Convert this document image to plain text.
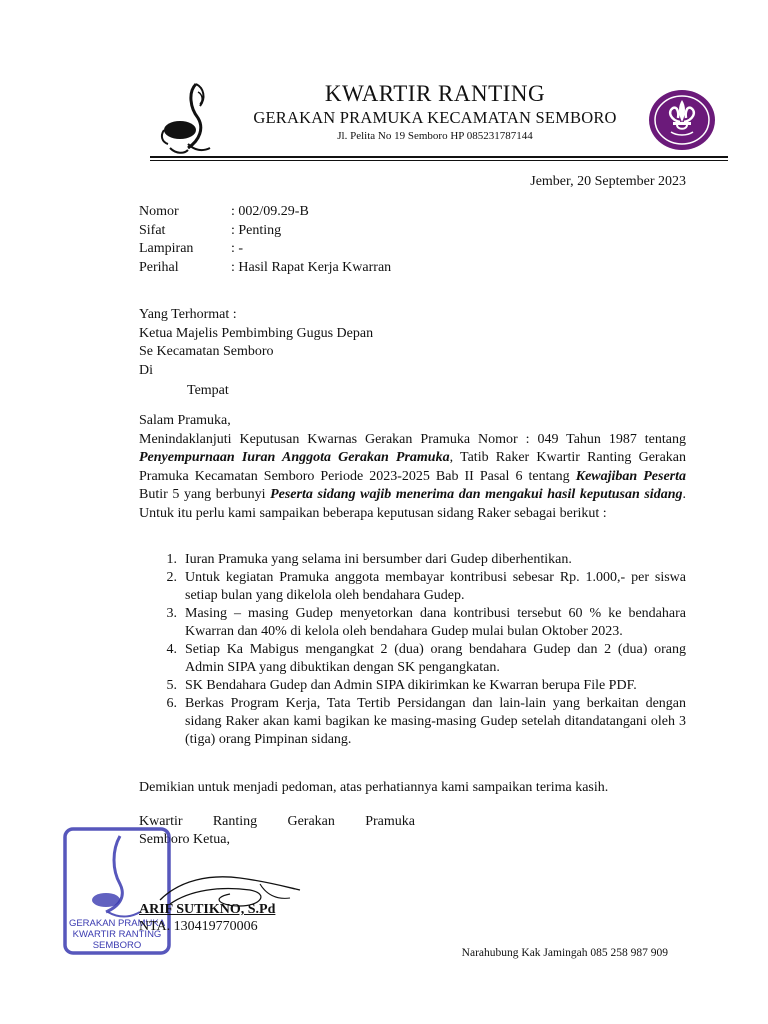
KWARTIR RANTING
GERAKAN PRAMUKA KECAMATAN SEMBORO
Jl. Pelita No 19 Semboro HP 085231787144
Jember, 20 September 2023
Nomor	: 002/09.29-B
Sifat	: Penting
Lampiran	: -
Perihal	: Hasil Rapat Kerja Kwarran
Yang Terhormat :
Ketua Majelis Pembimbing Gugus Depan
Se Kecamatan Semboro
Di
Tempat

Salam Pramuka,

Menindaklanjuti Keputusan Kwarnas Gerakan Pramuka Nomor : 049 Tahun 1987 tentang Penyempurnaan Iuran Anggota Gerakan Pramuka, Tatib Raker Kwartir Ranting Gerakan Pramuka Kecamatan Semboro Periode 2023-2025 Bab II Pasal 6 tentang Kewajiban Peserta Butir 5 yang berbunyi Peserta sidang wajib menerima dan mengakui hasil keputusan sidang. Untuk itu perlu kami sampaikan beberapa keputusan sidang Raker sebagai berikut :

1. Iuran Pramuka yang selama ini bersumber dari Gudep diberhentikan.
2. Untuk kegiatan Pramuka anggota membayar kontribusi sebesar Rp. 1.000,- per siswa setiap bulan yang dikelola oleh bendahara Gudep.
3. Masing – masing Gudep menyetorkan dana kontribusi tersebut 60 % ke bendahara Kwarran dan 40% di kelola oleh bendahara Gudep mulai bulan Oktober 2023.
4. Setiap Ka Mabigus mengangkat 2 (dua) orang bendahara Gudep dan 2 (dua) orang Admin SIPA yang dibuktikan dengan SK pengangkatan.
5. SK Bendahara Gudep dan Admin SIPA dikirimkan ke Kwarran berupa File PDF.
6. Berkas Program Kerja, Tata Tertib Persidangan dan lain-lain yang berkaitan dengan sidang Raker akan kami bagikan ke masing-masing Gudep setelah ditandatangani oleh 3 (tiga) orang Pimpinan sidang.
Demikian untuk menjadi pedoman, atas perhatiannya kami sampaikan terima kasih.
Kwartir Ranting Gerakan Pramuka
Semboro Ketua,
GERAKAN PRAMUKA
KWARTIR RANTING
SEMBORO
ARIF SUTIKNO, S.Pd
NTA. 130419770006
Narahubung Kak Jamingah 085 258 987 909
